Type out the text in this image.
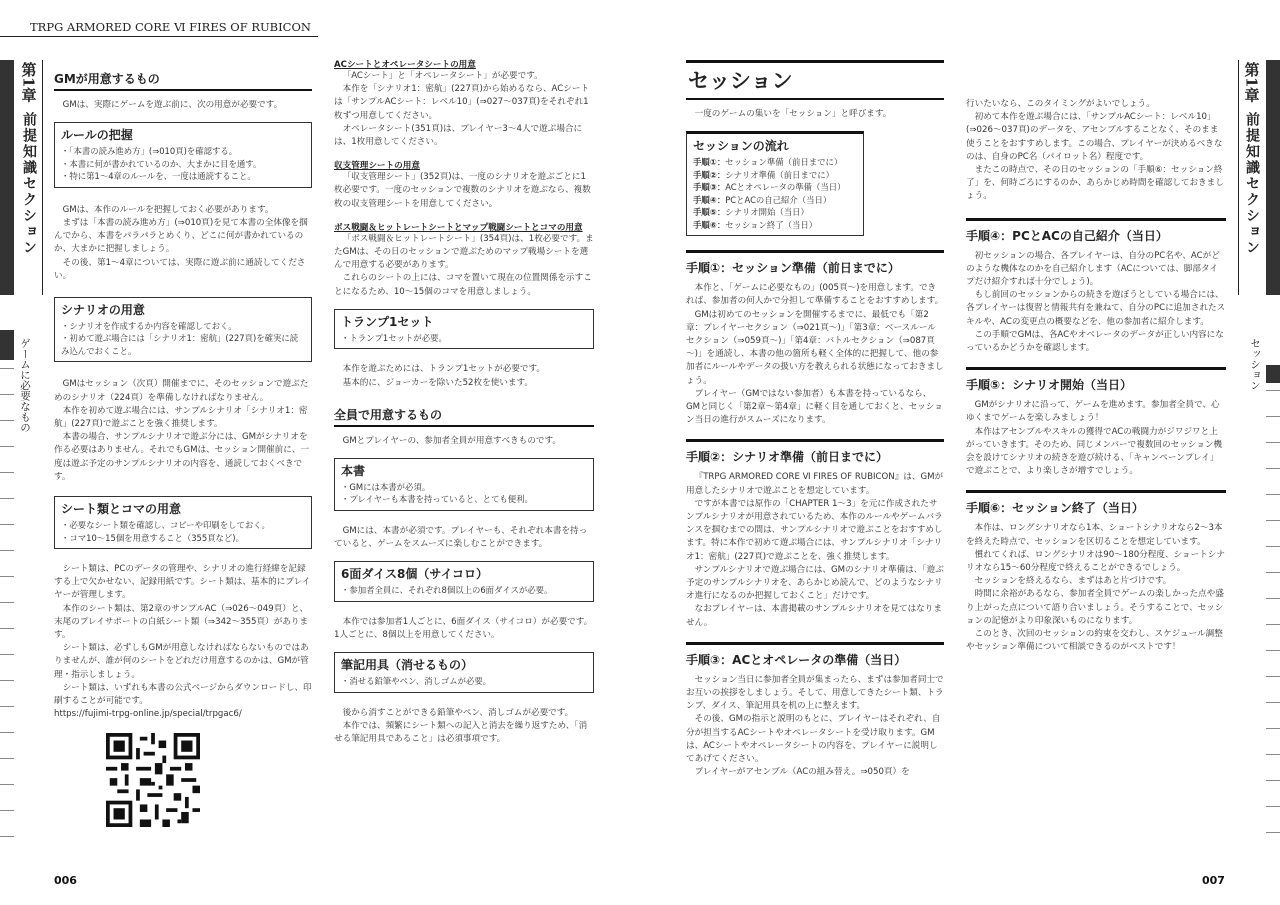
TRPG ARMORED CORE Ⅵ FIRES OF RUBICON
第1章
前提知識セクション
ゲームに必要なもの
第1章
前提知識セクション
セッション
GMが用意するもの

GMは、実際にゲームを遊ぶ前に、次の用意が必要です。

ルールの把握
・「本書の読み進め方」(⇒010頁)を確認する。
・本書に何が書かれているのか、大まかに目を通す。
・特に第1～4章のルールを、一度は通読すること。

GMは、本作のルールを把握しておく必要があります。

まずは「本書の読み進め方」(⇒010頁)を見て本書の全体像を掴んでから、本書をパラパラとめくり、どこに何が書かれているのか、大まかに把握しましょう。

その後、第1～4章については、実際に遊ぶ前に通読してください。

シナリオの用意
・シナリオを作成するか内容を確認しておく。
・初めて遊ぶ場合には「シナリオ1：密航」(227頁)を確実に読み込んでおくこと。

GMはセッション（次頁）開催までに、そのセッションで遊ぶためのシナリオ（224頁）を準備しなければなりません。

本作を初めて遊ぶ場合には、サンプルシナリオ「シナリオ1：密航」(227頁)で遊ぶことを強く推奨します。

本書の場合、サンプルシナリオで遊ぶ分には、GMがシナリオを作る必要はありません。それでもGMは、セッション開催前に、一度は遊ぶ予定のサンプルシナリオの内容を、通読しておくべきです。

シート類とコマの用意
・必要なシート類を確認し、コピーや印刷をしておく。
・コマ10～15個を用意すること（355頁など)。

シート類は、PCのデータの管理や、シナリオの進行経緯を記録する上で欠かせない、記録用紙です。シート類は、基本的にプレイヤーが管理します。

本作のシート類は、第2章のサンプルAC（⇒026～049頁）と、末尾のプレイサポートの白紙シート類（⇒342～355頁）があります。

シート類は、必ずしもGMが用意しなければならないものではありませんが、誰が何のシートをどれだけ用意するのかは、GMが管理・指示しましょう。

シート類は、いずれも本書の公式ページからダウンロードし、印刷することが可能です。

https://fujimi-trpg-online.jp/special/trpgac6/

ACシートとオペレータシートの用意

「ACシート」と「オペレータシート」が必要です。

本作を「シナリオ1：密航」(227頁)から始めるなら、ACシートは「サンプルACシート：レベル10」(⇒027～037頁)をそれぞれ1枚ずつ用意してください。

オペレータシート(351頁)は、プレイヤー3～4人で遊ぶ場合には、1枚用意してください。

収支管理シートの用意

「収支管理シート」(352頁)は、一度のシナリオを遊ぶごとに1枚必要です。一度のセッションで複数のシナリオを遊ぶなら、複数枚の収支管理シートを用意してください。

ボス戦闘＆ヒットレートシートとマップ戦闘シートとコマの用意

「ボス戦闘＆ヒットレートシート」(354頁)は、1枚必要です。またGMは、その日のセッションで遊ぶためのマップ戦場シートを選んで用意する必要があります。

これらのシートの上には、コマを置いて現在の位置関係を示すことになるため、10～15個のコマを用意しましょう。

トランプ1セット
・トランプ1セットが必要。

本作を遊ぶためには、トランプ1セットが必要です。

基本的に、ジョーカーを除いた52枚を使います。

全員で用意するもの

GMとプレイヤーの、参加者全員が用意すべきものです。

本書
・GMには本書が必須。
・プレイヤーも本書を持っていると、とても便利。

GMには、本書が必須です。プレイヤーも、それぞれ本書を持っていると、ゲームをスムーズに楽しむことができます。

6面ダイス8個（サイコロ）
・参加者全員に、それぞれ8個以上の6面ダイスが必要。

本作では参加者1人ごとに、6面ダイス（サイコロ）が必要です。1人ごとに、8個以上を用意してください。

筆記用具（消せるもの）
・消せる鉛筆やペン、消しゴムが必要。

後から消すことができる鉛筆やペン、消しゴムが必要です。

本作では、頻繁にシート類への記入と消去を繰り返すため、「消せる筆記用具であること」は必須事項です。

セッション

一度のゲームの集いを「セッション」と呼びます。

セッションの流れ
手順①：セッション準備（前日までに）
手順②：シナリオ準備（前日までに）
手順③：ACとオペレータの準備（当日）
手順④：PCとACの自己紹介（当日）
手順⑤：シナリオ開始（当日）
手順⑥：セッション終了（当日）
手順①：セッション準備（前日までに）

本作と、「ゲームに必要なもの」(005頁～)を用意します。できれば、参加者の何人かで分担して準備することをおすすめします。

GMは初めてのセッションを開催するまでに、最低でも「第2章：プレイヤーセクション（⇒021頁～)」「第3章：ベースルールセクション（⇒059頁～)」「第4章：バトルセクション（⇒087頁～)」を通読し、本書の他の箇所も軽く全体的に把握して、他の参加者にルールやデータの扱い方を教えられる状態になっておきましょう。

プレイヤー（GMではない参加者）も本書を持っているなら、GMと同じく「第2章～第4章」に軽く目を通しておくと、セッション当日の進行がスムーズになります。

手順②：シナリオ準備（前日までに）

『TRPG ARMORED CORE Ⅵ FIRES OF RUBICON』は、GMが用意したシナリオで遊ぶことを想定しています。

ですが本書では原作の「CHAPTER 1～3」を元に作成されたサンプルシナリオが用意されているため、本作のルールやゲームバランスを掴むまでの間は、サンプルシナリオで遊ぶことをおすすめします。特に本作で初めて遊ぶ場合には、サンプルシナリオ「シナリオ1：密航」(227頁)で遊ぶことを、強く推奨します。

サンプルシナリオで遊ぶ場合には、GMのシナリオ準備は、「遊ぶ予定のサンプルシナリオを、あらかじめ読んで、どのようなシナリオ進行になるのか把握しておくこと」だけです。

なおプレイヤーは、本書掲載のサンプルシナリオを見てはなりません。

手順③：ACとオペレータの準備（当日）

セッション当日に参加者全員が集まったら、まずは参加者同士でお互いの挨拶をしましょう。そして、用意してきたシート類、トランプ、ダイス、筆記用具を机の上に整えます。

その後、GMの指示と説明のもとに、プレイヤーはそれぞれ、自分が担当するACシートやオペレータシートを受け取ります。GMは、ACシートやオペレータシートの内容を、プレイヤーに説明してあげてください。

プレイヤーがアセンブル（ACの組み替え。⇒050頁）を

行いたいなら、このタイミングがよいでしょう。

初めて本作を遊ぶ場合には、「サンプルACシート：レベル10」(⇒026～037頁)のデータを、アセンブルすることなく、そのまま使うことをおすすめします。この場合、プレイヤーが決めるべきなのは、自身のPC名（パイロット名）程度です。

またこの時点で、その日のセッションの「手順⑥：セッション終了」を、何時ごろにするのか、あらかじめ時間を確認しておきましょう。

手順④：PCとACの自己紹介（当日）

初セッションの場合、各プレイヤーは、自分のPC名や、ACがどのような機体なのかを自己紹介します（ACについては、脚部タイプだけ紹介すれば十分でしょう)。

もし前回のセッションからの続きを遊ぼうとしている場合には、各プレイヤーは復習と情報共有を兼ねて、自分のPCに追加されたスキルや、ACの変更点の概要などを、他の参加者に紹介します。

この手順でGMは、各ACやオペレータのデータが正しい内容になっているかどうかを確認します。

手順⑤：シナリオ開始（当日）

GMがシナリオに沿って、ゲームを進めます。参加者全員で、心ゆくまでゲームを楽しみましょう！

本作はアセンブルやスキルの獲得でACの戦闘力がジワジワと上がっていきます。そのため、同じメンバーで複数回のセッション機会を設けてシナリオの続きを遊び続ける、「キャンペーンプレイ」で遊ぶことで、より楽しさが増すでしょう。

手順⑥：セッション終了（当日）

本作は、ロングシナリオなら1本、ショートシナリオなら2～3本を終えた時点で、セッションを区切ることを想定しています。

慣れてくれば、ロングシナリオは90～180分程度、ショートシナリオなら15～60分程度で終えることができるでしょう。

セッションを終えるなら、まずはあと片づけです。

時間に余裕があるなら、参加者全員でゲームの楽しかった点や盛り上がった点について語り合いましょう。そうすることで、セッションの記憶がより印象深いものになります。

このとき、次回のセッションの約束を交わし、スケジュール調整やセッション準備について相談できるのがベストです！

006	007
